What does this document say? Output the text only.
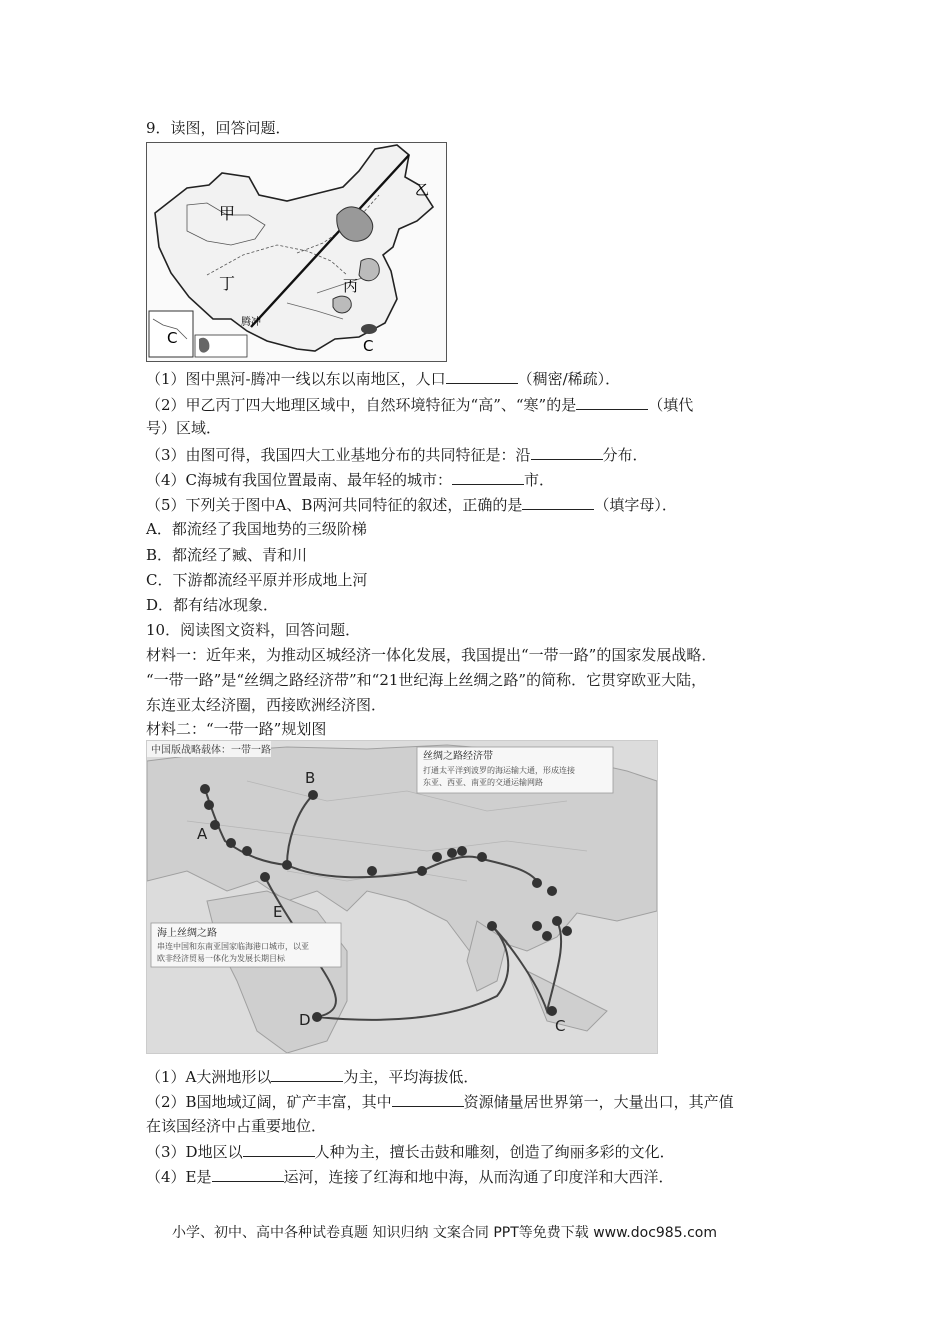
9．读图，回答问题．
甲
乙
丙
丁
腾冲
C	C
（1）图中黑河-腾冲一线以东以南地区，人口	（稠密/稀疏）．
（2）甲乙丙丁四大地理区域中，自然环境特征为“高”、“寒”的是	（填代
号）区域．
（3）由图可得，我国四大工业基地分布的共同特征是：沿	分布．
（4）C海城有我国位置最南、最年轻的城市：	市．
（5）下列关于图中A、B两河共同特征的叙述，正确的是	（填字母）．
A．都流经了我国地势的三级阶梯
B．都流经了臧、青和川
C．下游都流经平原并形成地上河
D．都有结冰现象．
10．阅读图文资料，回答问题．
材料一：近年来，为推动区城经济一体化发展，我国提出“一带一路”的国家发展战略．
“一带一路”是“丝绸之路经济带”和“21世纪海上丝绸之路”的简称．它贯穿欧亚大陆，
东连亚太经济圈，西接欧洲经济图．
材料二：“一带一路”规划图
中国版战略载体：一带一路
丝绸之路经济带
打通太平洋到波罗的海运输大通，形成连接
东亚、西亚、南亚的交通运输网路
海上丝绸之路
串连中国和东南亚国家临海港口城市，以亚
欧非经济贸易一体化为发展长期目标
A
B
C
D
E
（1）A大洲地形以	为主，平均海拔低．
（2）B国地域辽阔，矿产丰富，其中	资源储量居世界第一，大量出口，其产值
在该国经济中占重要地位．
（3）D地区以	人种为主，擅长击鼓和雕刻，创造了绚丽多彩的文化．
（4）E是	运河，连接了红海和地中海，从而沟通了印度洋和大西洋．
小学、初中、高中各种试卷真题 知识归纳 文案合同 PPT等免费下载 www.doc985.com
